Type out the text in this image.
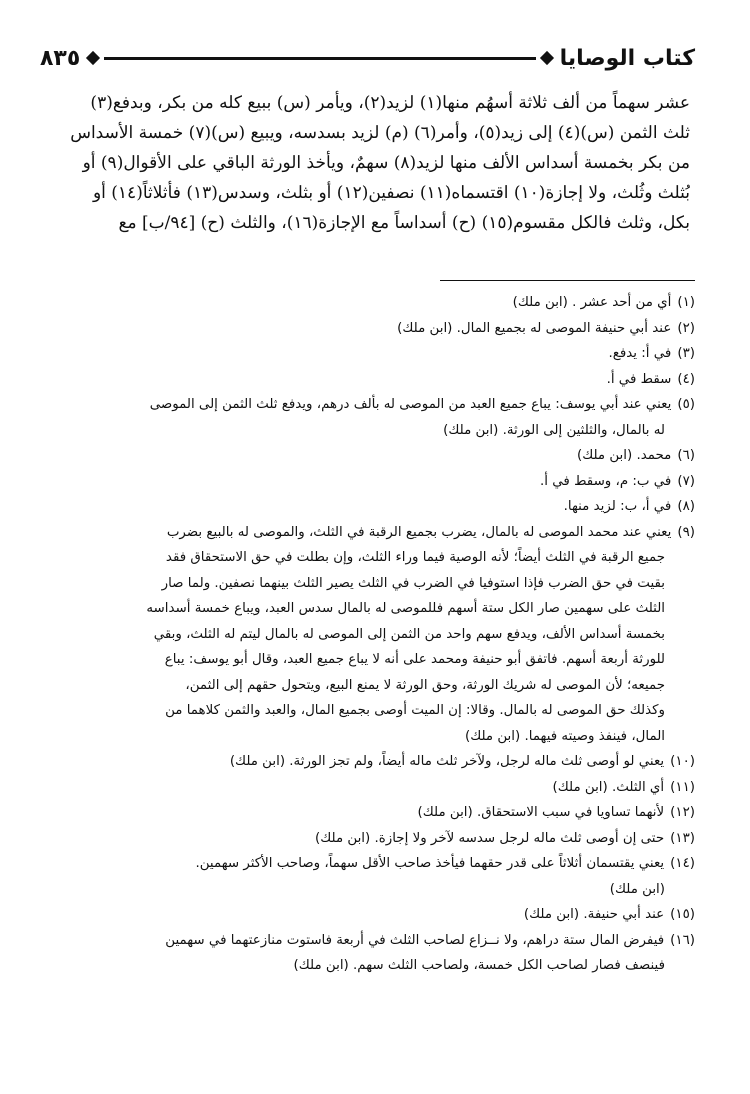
كتاب الوصايا
٨٣٥
عشر سهماً من ألف ثلاثة أسهُم منها(١) لزيد(٢)، ويأمر (س) ببيع كله من بكر، وبدفع(٣)
ثلث الثمن (س)(٤) إلى زيد(٥)، وأمر(٦) (م) لزيد بسدسه، ويبيع (س)(٧) خمسة الأسداس
من بكر بخمسة أسداس الألف منها لزيد(٨) سهمٌ، ويأخذ الورثة الباقي على الأقوال(٩) أو
بُثلث وثُلث، ولا إجازة(١٠) اقتسماه(١١) نصفين(١٢) أو بثلث، وسدس(١٣) فأثلاثاً(١٤) أو
بكل، وثلث فالكل مقسوم(١٥) (ح) أسداساً مع الإجازة(١٦)، والثلث (ح) [٩٤/ب] مع
(١)أي من أحد عشر . (ابن ملك)
(٢)عند أبي حنيفة الموصى له بجميع المال. (ابن ملك)
(٣)في أ: يدفع.
(٤)سقط في أ.
(٥)يعني عند أبي يوسف: يباع جميع العبد من الموصى له بألف درهم، ويدفع ثلث الثمن إلى الموصى
له بالمال، والثلثين إلى الورثة. (ابن ملك)
(٦)محمد. (ابن ملك)
(٧)في ب: م، وسقط في أ.
(٨)في أ، ب: لزيد منها.
(٩)يعني عند محمد الموصى له بالمال، يضرب بجميع الرقبة في الثلث، والموصى له بالبيع بضرب
جميع الرقبة في الثلث أيضاً؛ لأنه الوصية فيما وراء الثلث، وإن بطلت في حق الاستحقاق فقد
بقيت في حق الضرب فإذا استوفيا في الضرب في الثلث يصير الثلث بينهما نصفين. ولما صار
الثلث على سهمين صار الكل ستة أسهم فللموصى له بالمال سدس العبد، ويباع خمسة أسداسه
بخمسة أسداس الألف، ويدفع سهم واحد من الثمن إلى الموصى له بالمال ليتم له الثلث، وبقي
للورثة أربعة أسهم. فاتفق أبو حنيفة ومحمد على أنه لا يباع جميع العبد، وقال أبو يوسف: يباع
جميعه؛ لأن الموصى له شريك الورثة، وحق الورثة لا يمنع البيع، ويتحول حقهم إلى الثمن،
وكذلك حق الموصى له بالمال. وقالا: إن الميت أوصى بجميع المال، والعبد والثمن كلاهما من
المال، فينفذ وصيته فيهما. (ابن ملك)
(١٠)يعني لو أوصى ثلث ماله لرجل، ولآخر ثلث ماله أيضاً، ولم تجز الورثة. (ابن ملك)
(١١)أي الثلث. (ابن ملك)
(١٢)لأنهما تساويا في سبب الاستحقاق. (ابن ملك)
(١٣)حتى إن أوصى ثلث ماله لرجل سدسه لآخر ولا إجازة. (ابن ملك)
(١٤)يعني يقتسمان أثلاثاً على قدر حقهما فيأخذ صاحب الأقل سهماً، وصاحب الأكثر سهمين.
(ابن ملك)
(١٥)عند أبي حنيفة. (ابن ملك)
(١٦)فيفرض المال ستة دراهم، ولا نــزاع لصاحب الثلث في أربعة فاستوت منازعتهما في سهمين
فينصف فصار لصاحب الكل خمسة، ولصاحب الثلث سهم. (ابن ملك)
